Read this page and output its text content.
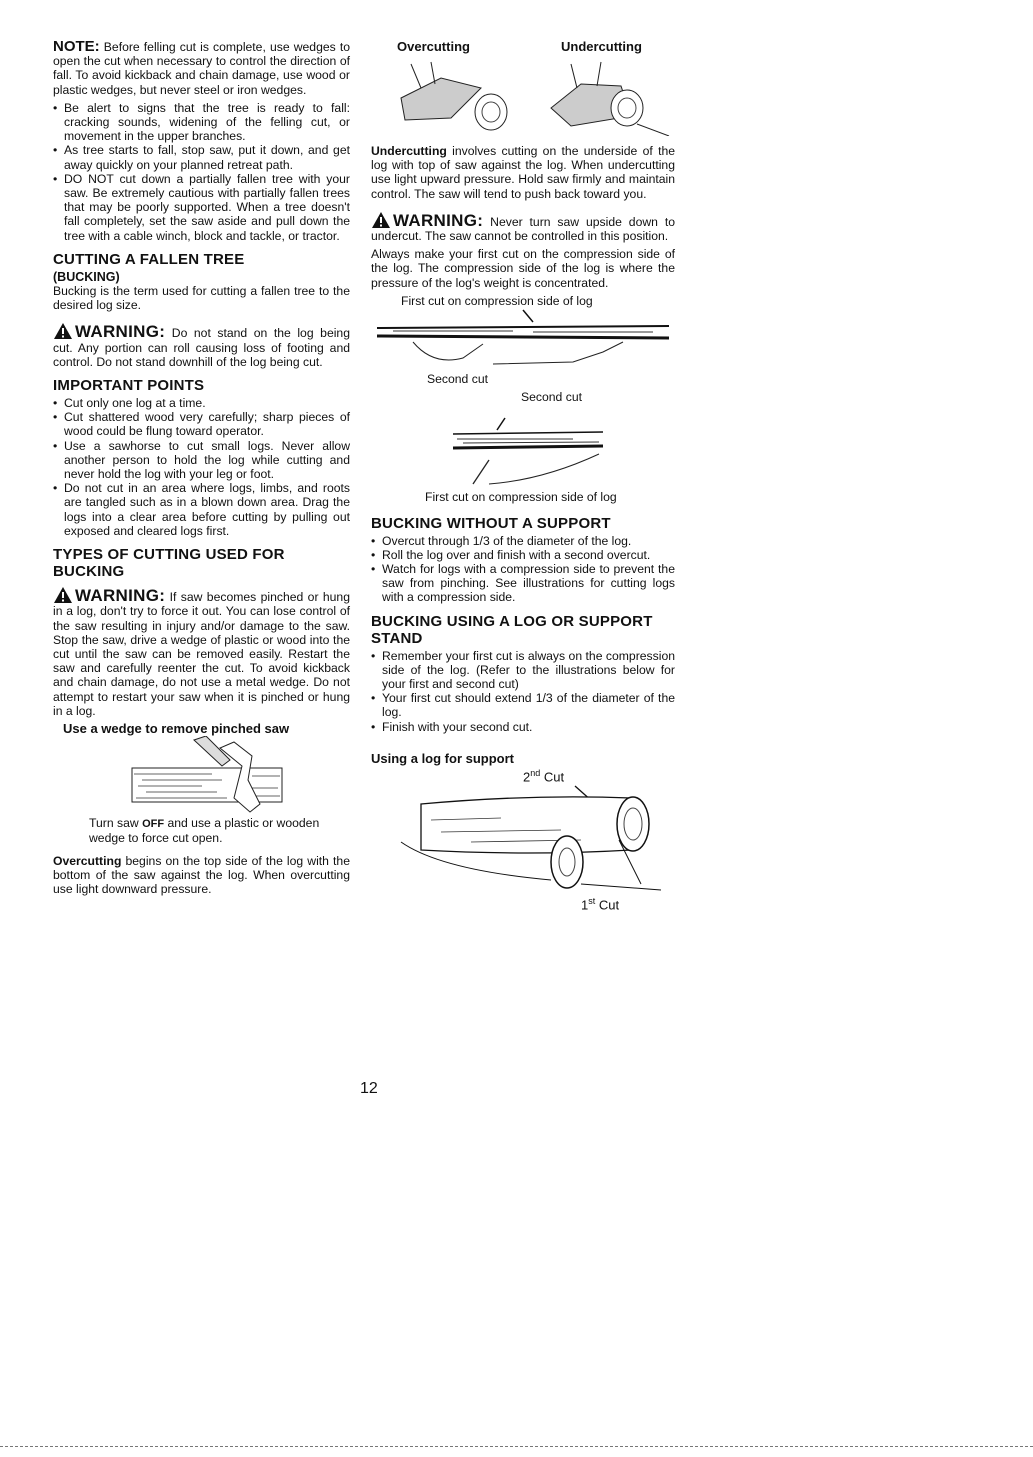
NOTE: Before felling cut is complete, use wedges to open the cut when necessary to control the direction of fall. To avoid kickback and chain damage, use wood or plastic wedges, but never steel or iron wedges.

• Be alert to signs that the tree is ready to fall: cracking sounds, widening of the felling cut, or movement in the upper branches.
• As tree starts to fall, stop saw, put it down, and get away quickly on your planned retreat path.
• DO NOT cut down a partially fallen tree with your saw. Be extremely cautious with partially fallen trees that may be poorly supported. When a tree doesn't fall completely, set the saw aside and pull down the tree with a cable winch, block and tackle, or tractor.
CUTTING A FALLEN TREE
(BUCKING)

Bucking is the term used for cutting a fallen tree to the desired log size.

WARNING: Do not stand on the log being cut. Any portion can roll causing loss of footing and control. Do not stand downhill of the log being cut.

IMPORTANT POINTS
• Cut only one log at a time.
• Cut shattered wood very carefully; sharp pieces of wood could be flung toward operator.
• Use a sawhorse to cut small logs. Never allow another person to hold the log while cutting and never hold the log with your leg or foot.
• Do not cut in an area where logs, limbs, and roots are tangled such as in a blown down area. Drag the logs into a clear area before cutting by pulling out exposed and cleared logs first.
TYPES OF CUTTING USED FOR BUCKING

WARNING: If saw becomes pinched or hung in a log, don't try to force it out. You can lose control of the saw resulting in injury and/or damage to the saw. Stop the saw, drive a wedge of plastic or wood into the cut until the saw can be removed easily. Restart the saw and carefully reenter the cut. To avoid kickback and chain damage, do not use a metal wedge. Do not attempt to restart your saw when it is pinched or hung in a log.

Use a wedge to remove pinched saw

Turn saw OFF and use a plastic or wooden wedge to force cut open.

Overcutting begins on the top side of the log with the bottom of the saw against the log. When overcutting use light downward pressure.

Overcutting	Undercutting

Undercutting involves cutting on the underside of the log with top of saw against the log. When undercutting use light upward pressure. Hold saw firmly and maintain control. The saw will tend to push back toward you.

WARNING: Never turn saw upside down to undercut. The saw cannot be controlled in this position.

Always make your first cut on the compression side of the log. The compression side of the log is where the pressure of the log's weight is concentrated.

First cut on compression side of log
Second cut
Second cut
First cut on compression side of log
BUCKING WITHOUT A SUPPORT
• Overcut through 1/3 of the diameter of the log.
• Roll the log over and finish with a second overcut.
• Watch for logs with a compression side to prevent the saw from pinching. See illustrations for cutting logs with a compression side.
BUCKING USING A LOG OR SUPPORT STAND
• Remember your first cut is always on the compression side of the log. (Refer to the illustrations below for your first and second cut)
• Your first cut should extend 1/3 of the diameter of the log.
• Finish with your second cut.
Using a log for support
2nd Cut
1st Cut
12
